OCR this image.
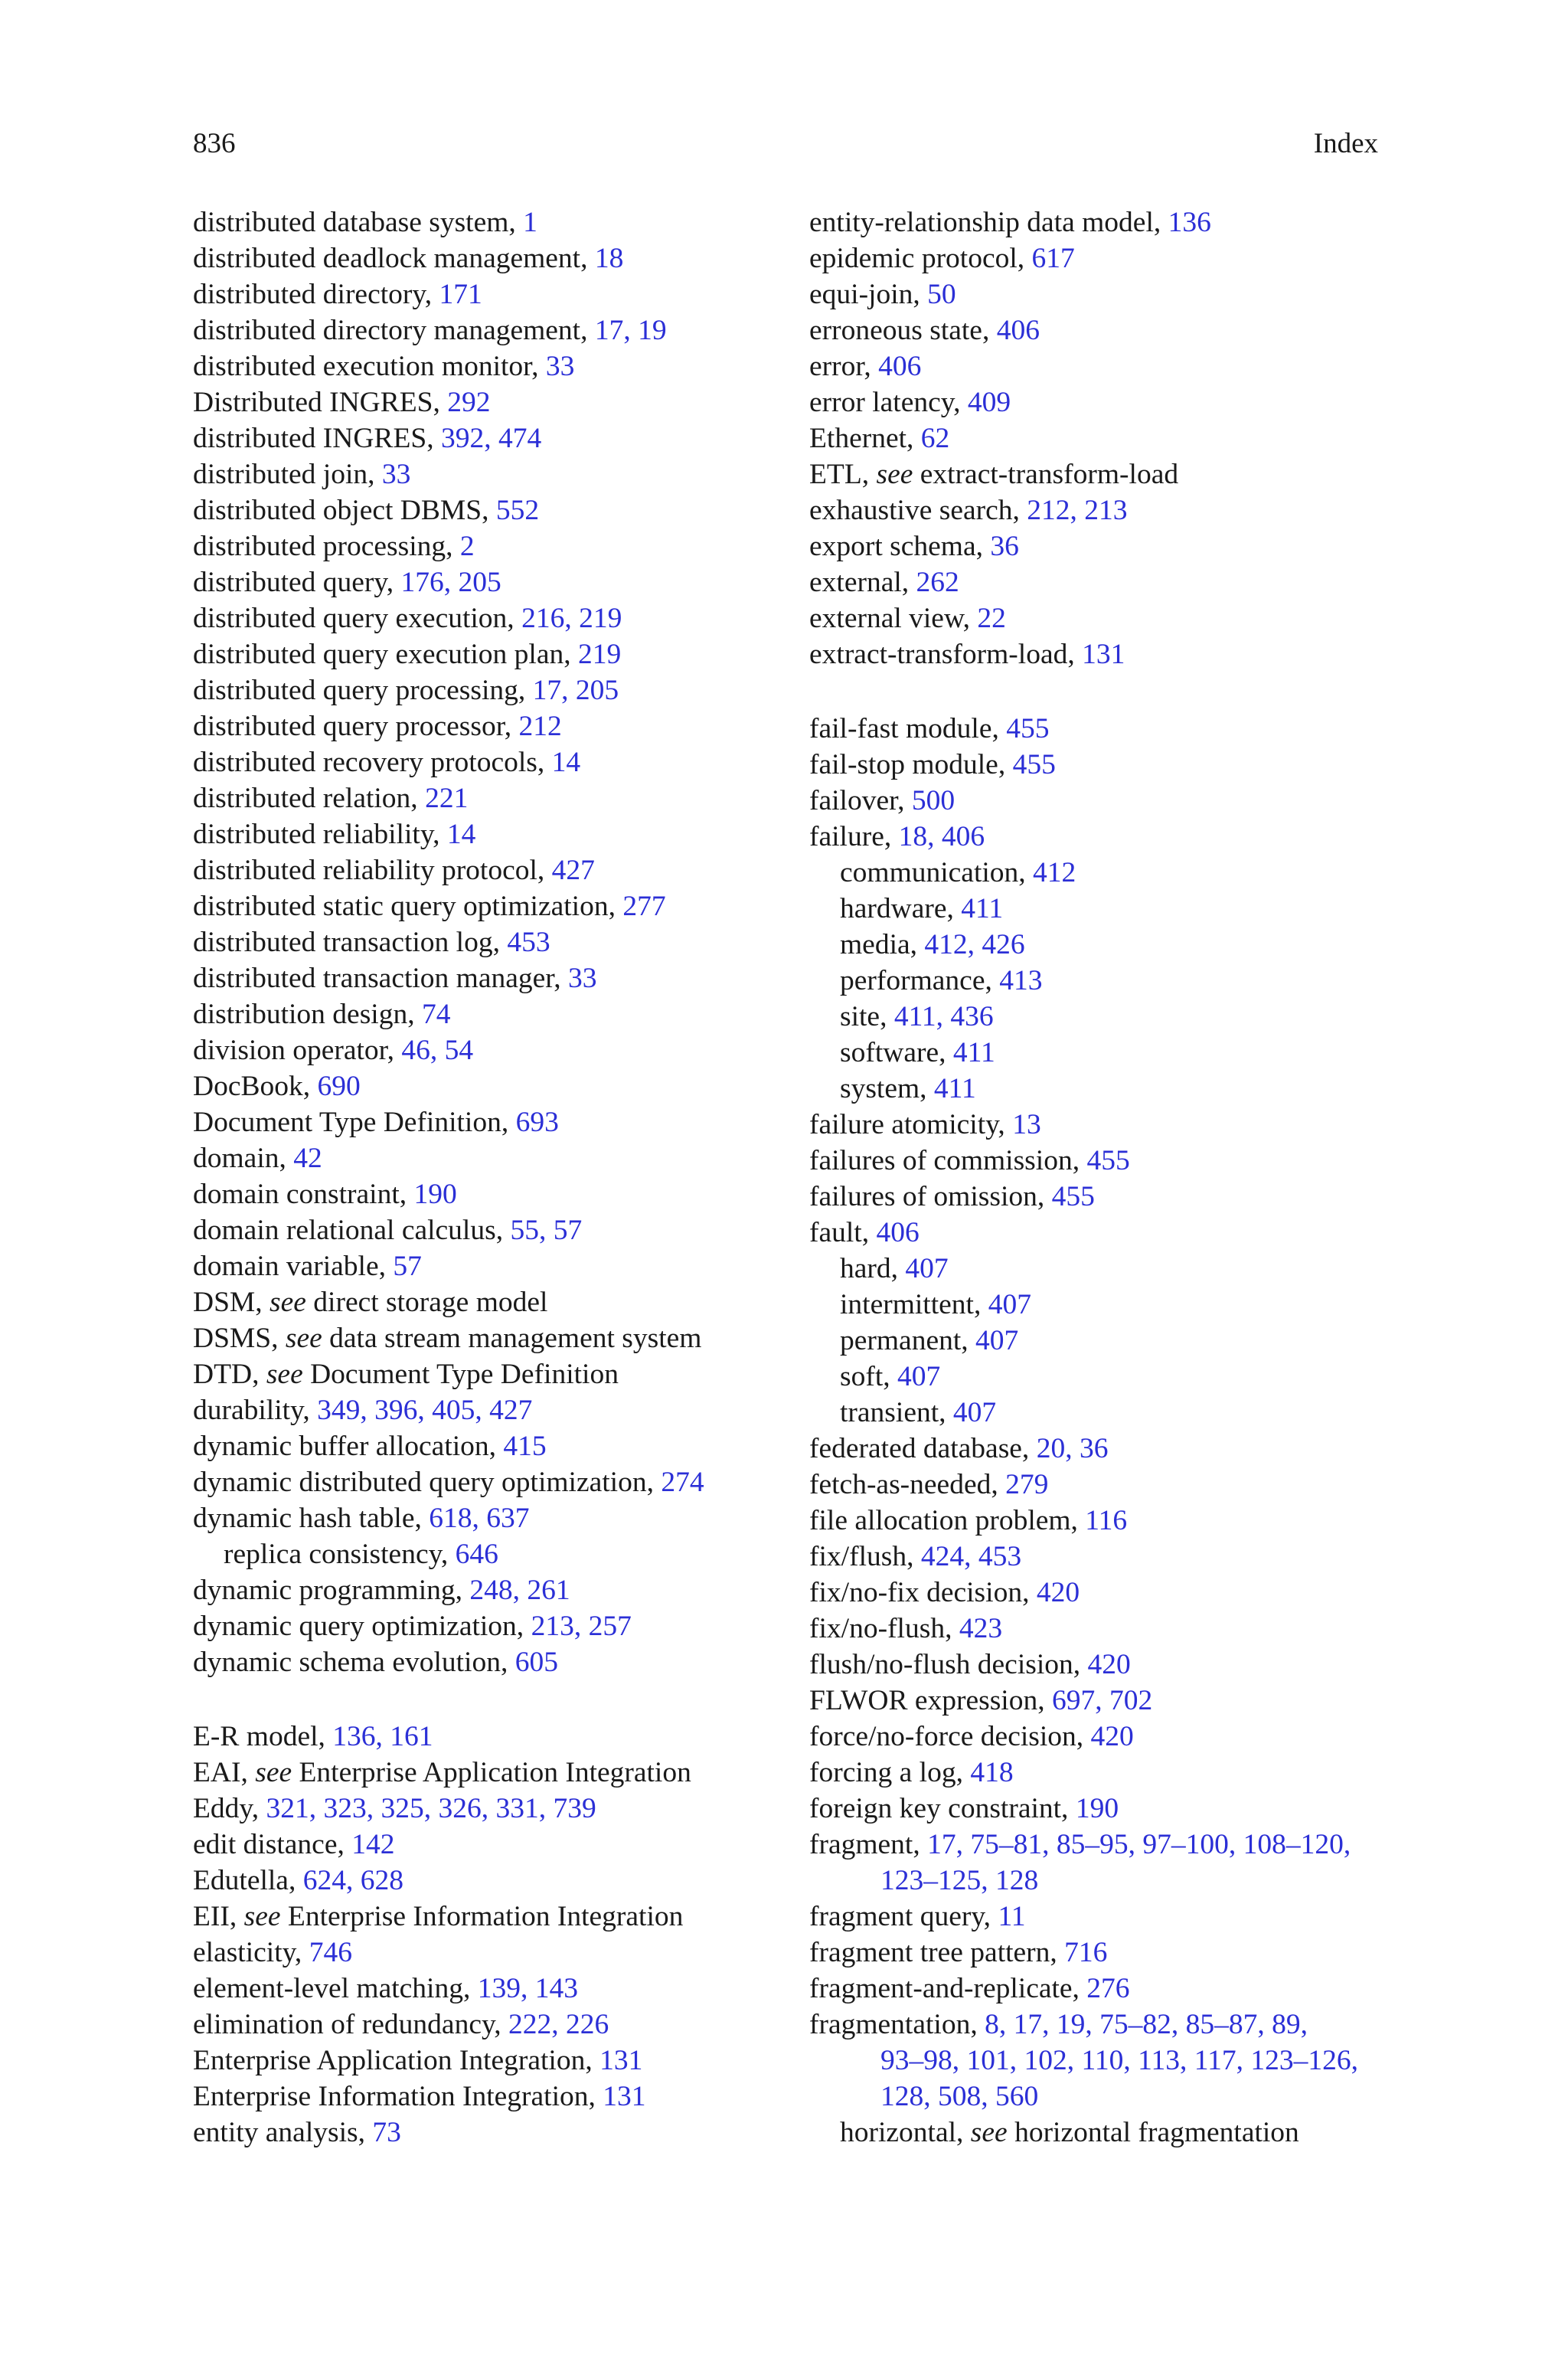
836	Index
distributed database system, 1
distributed deadlock management, 18
distributed directory, 171
distributed directory management, 17, 19
distributed execution monitor, 33
Distributed INGRES, 292
distributed INGRES, 392, 474
distributed join, 33
distributed object DBMS, 552
distributed processing, 2
distributed query, 176, 205
distributed query execution, 216, 219
distributed query execution plan, 219
distributed query processing, 17, 205
distributed query processor, 212
distributed recovery protocols, 14
distributed relation, 221
distributed reliability, 14
distributed reliability protocol, 427
distributed static query optimization, 277
distributed transaction log, 453
distributed transaction manager, 33
distribution design, 74
division operator, 46, 54
DocBook, 690
Document Type Definition, 693
domain, 42
domain constraint, 190
domain relational calculus, 55, 57
domain variable, 57
DSM, see direct storage model
DSMS, see data stream management system
DTD, see Document Type Definition
durability, 349, 396, 405, 427
dynamic buffer allocation, 415
dynamic distributed query optimization, 274
dynamic hash table, 618, 637
replica consistency, 646
dynamic programming, 248, 261
dynamic query optimization, 213, 257
dynamic schema evolution, 605
E-R model, 136, 161
EAI, see Enterprise Application Integration
Eddy, 321, 323, 325, 326, 331, 739
edit distance, 142
Edutella, 624, 628
EII, see Enterprise Information Integration
elasticity, 746
element-level matching, 139, 143
elimination of redundancy, 222, 226
Enterprise Application Integration, 131
Enterprise Information Integration, 131
entity analysis, 73
entity-relationship data model, 136
epidemic protocol, 617
equi-join, 50
erroneous state, 406
error, 406
error latency, 409
Ethernet, 62
ETL, see extract-transform-load
exhaustive search, 212, 213
export schema, 36
external, 262
external view, 22
extract-transform-load, 131
fail-fast module, 455
fail-stop module, 455
failover, 500
failure, 18, 406
communication, 412
hardware, 411
media, 412, 426
performance, 413
site, 411, 436
software, 411
system, 411
failure atomicity, 13
failures of commission, 455
failures of omission, 455
fault, 406
hard, 407
intermittent, 407
permanent, 407
soft, 407
transient, 407
federated database, 20, 36
fetch-as-needed, 279
file allocation problem, 116
fix/flush, 424, 453
fix/no-fix decision, 420
fix/no-flush, 423
flush/no-flush decision, 420
FLWOR expression, 697, 702
force/no-force decision, 420
forcing a log, 418
foreign key constraint, 190
fragment, 17, 75–81, 85–95, 97–100, 108–120,
123–125, 128
fragment query, 11
fragment tree pattern, 716
fragment-and-replicate, 276
fragmentation, 8, 17, 19, 75–82, 85–87, 89,
93–98, 101, 102, 110, 113, 117, 123–126,
128, 508, 560
horizontal, see horizontal fragmentation
